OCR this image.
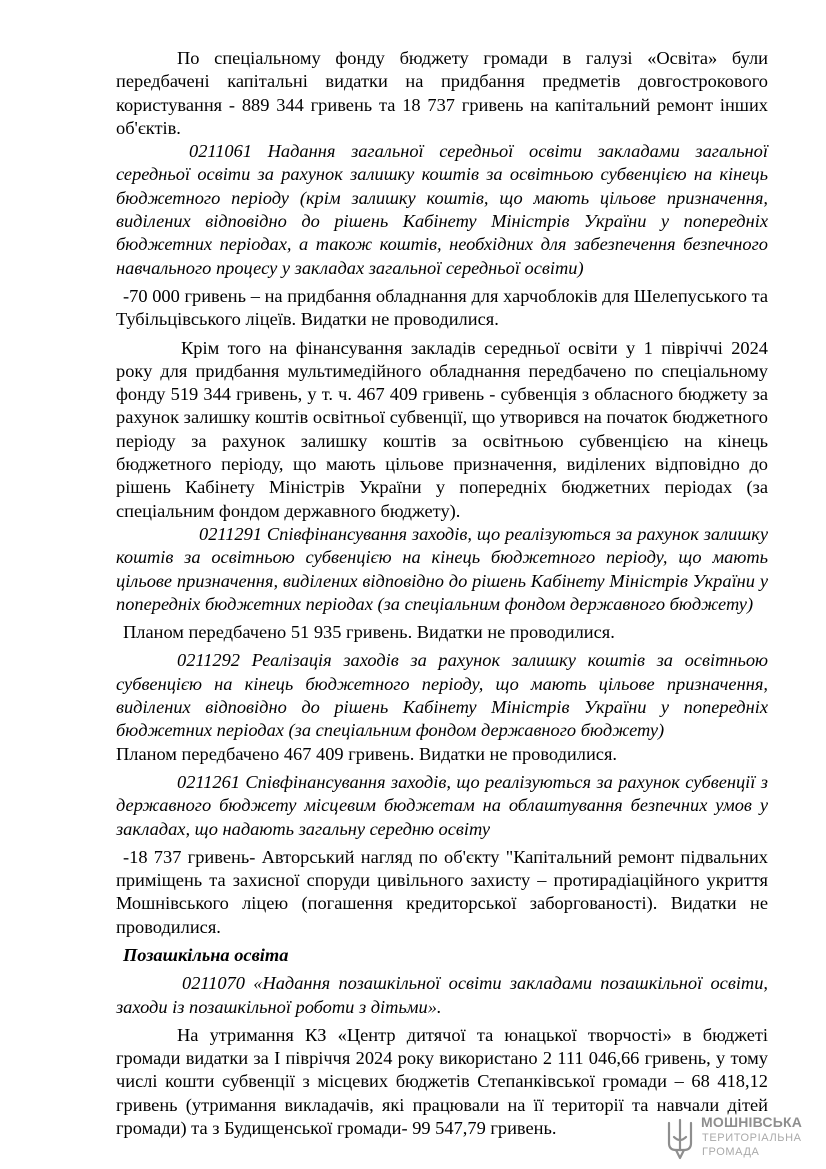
По спеціальному фонду бюджету громади в галузі «Освіта» були передбачені капітальні видатки на придбання предметів довгострокового користування - 889 344 гривень та 18 737 гривень на капітальний ремонт інших об'єктів.

0211061 Надання загальної середньої освіти закладами загальної середньої освіти за рахунок залишку коштів за освітньою субвенцією на кінець бюджетного періоду (крім залишку коштів, що мають цільове призначення, виділених відповідно до рішень Кабінету Міністрів України у попередніх бюджетних періодах, а також коштів, необхідних для забезпечення безпечного навчального процесу у закладах загальної середньої освіти)

-70 000 гривень – на придбання обладнання для харчоблоків для Шелепуського та Тубільцівського ліцеїв. Видатки не проводилися.

Крім того на фінансування закладів середньої освіти у 1 півріччі 2024 року для придбання мультимедійного обладнання передбачено по спеціальному фонду 519 344 гривень, у т. ч. 467 409 гривень - субвенція з обласного бюджету за рахунок залишку коштів освітньої субвенції, що утворився на початок бюджетного періоду за рахунок залишку коштів за освітньою субвенцією на кінець бюджетного періоду, що мають цільове призначення, виділених відповідно до рішень Кабінету Міністрів України у попередніх бюджетних періодах (за спеціальним фондом державного бюджету).

0211291 Співфінансування заходів, що реалізуються за рахунок залишку коштів за освітньою субвенцією на кінець бюджетного періоду, що мають цільове призначення, виділених відповідно до рішень Кабінету Міністрів України у попередніх бюджетних періодах (за спеціальним фондом державного бюджету)

Планом передбачено 51 935 гривень. Видатки не проводилися.

0211292 Реалізація заходів за рахунок залишку коштів за освітньою субвенцією на кінець бюджетного періоду, що мають цільове призначення, виділених відповідно до рішень Кабінету Міністрів України у попередніх бюджетних періодах (за спеціальним фондом державного бюджету)

Планом передбачено 467 409 гривень. Видатки не проводилися.

0211261 Співфінансування заходів, що реалізуються за рахунок субвенції з державного бюджету місцевим бюджетам на облаштування безпечних умов у закладах, що надають загальну середню освіту

-18 737 гривень- Авторський нагляд по об'єкту "Капітальний ремонт підвальних приміщень та захисної споруди цивільного захисту – протирадіаційного укриття Мошнівського ліцею (погашення кредиторської заборгованості). Видатки не проводилися.

Позашкільна освіта

0211070 «Надання позашкільної освіти закладами позашкільної освіти, заходи із позашкільної роботи з дітьми».

На утримання КЗ «Центр дитячої та юнацької творчості» в бюджеті громади видатки за І півріччя 2024 року використано 2 111 046,66 гривень, у тому числі кошти субвенції з місцевих бюджетів Степанківської громади – 68 418,12 гривень (утримання викладачів, які працювали на її території та навчали дітей громади) та з Будищенської громади- 99 547,79 гривень.	МОШНІВСЬКА
ТЕРИТОРІАЛЬНА
ГРОМАДА
